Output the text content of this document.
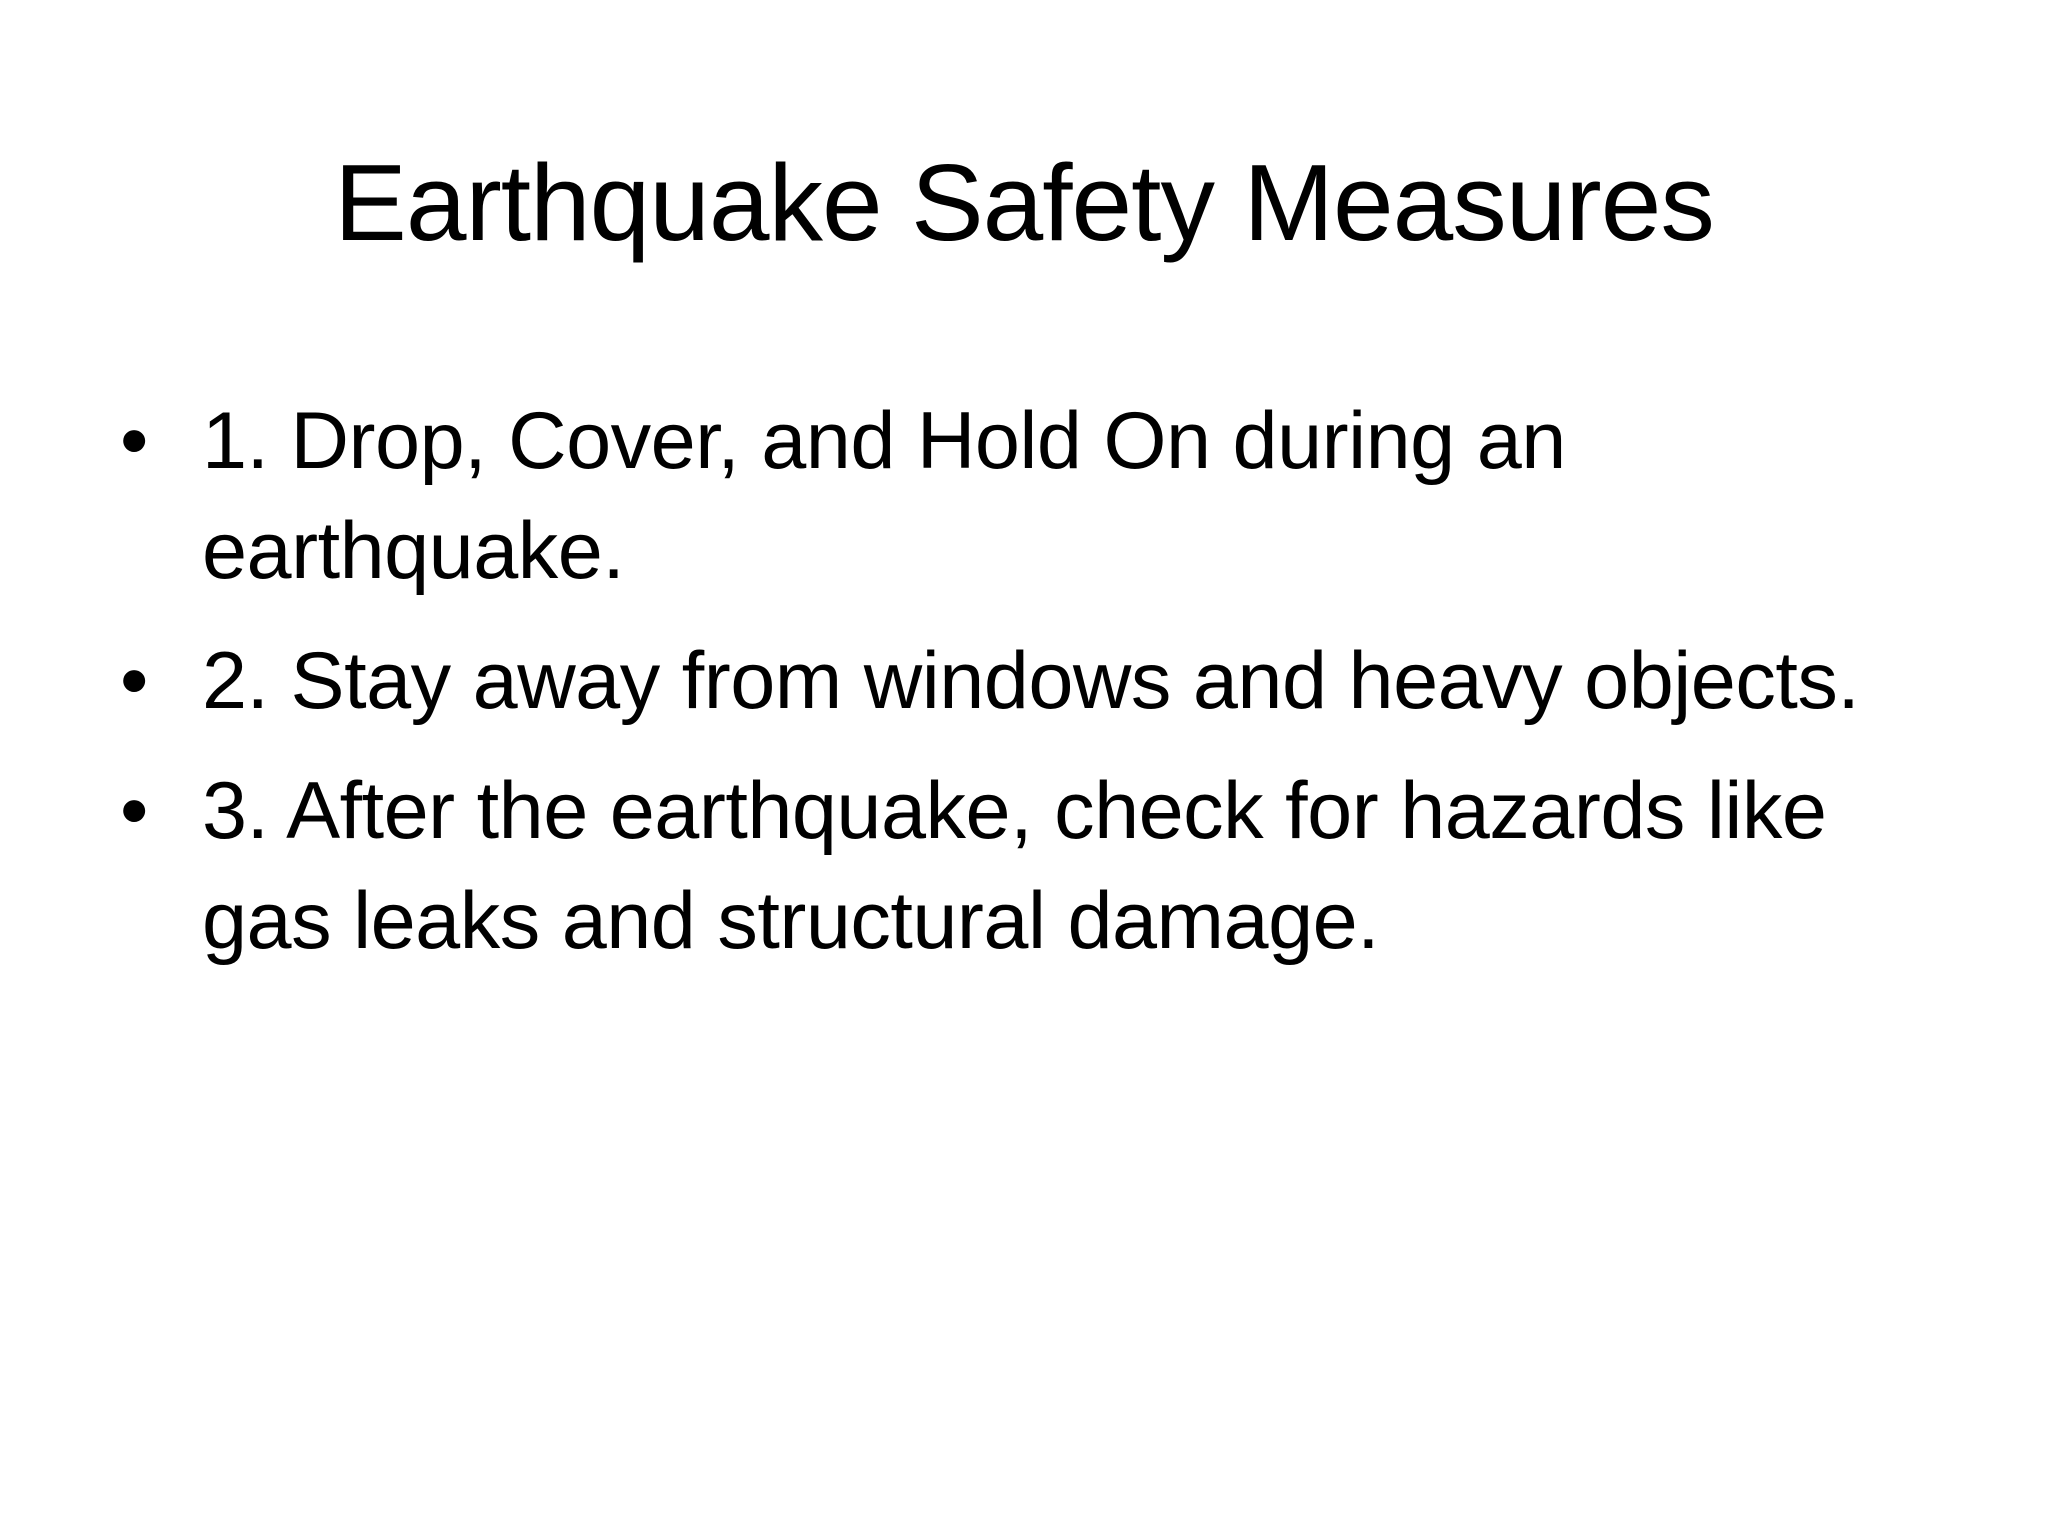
Earthquake Safety Measures
• 1. Drop, Cover, and Hold On during an earthquake.
• 2. Stay away from windows and heavy objects.
• 3. After the earthquake, check for hazards like gas leaks and structural damage.
